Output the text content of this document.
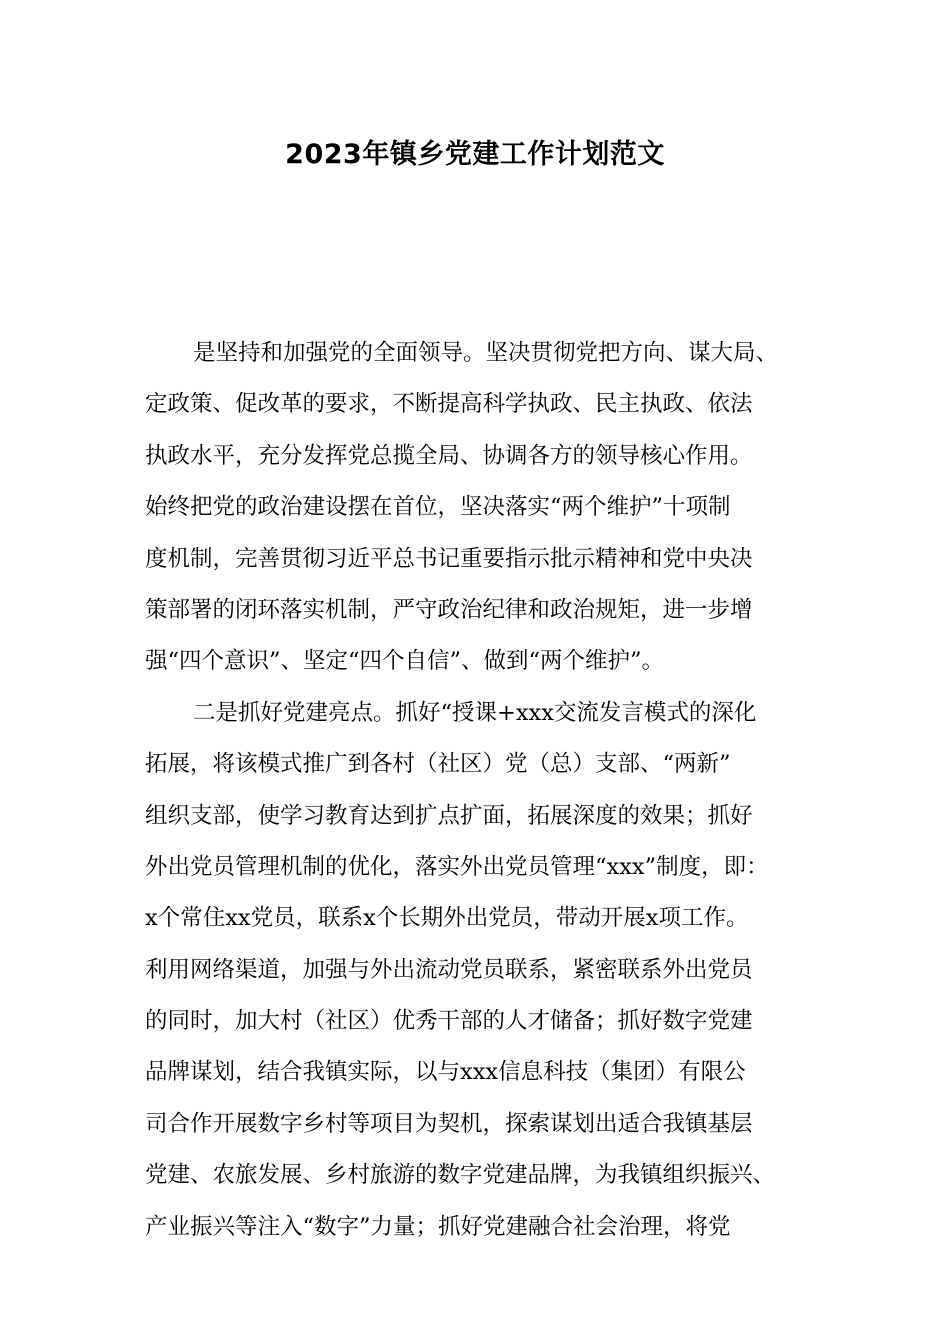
2023年镇乡党建工作计划范文
是坚持和加强党的全面领导。坚决贯彻党把方向、谋大局、
定政策、促改革的要求，不断提高科学执政、民主执政、依法
执政水平，充分发挥党总揽全局、协调各方的领导核心作用。
始终把党的政治建设摆在首位，坚决落实“两个维护”十项制
度机制，完善贯彻习近平总书记重要指示批示精神和党中央决
策部署的闭环落实机制，严守政治纪律和政治规矩，进一步增
强“四个意识”、坚定“四个自信”、做到“两个维护”。
二是抓好党建亮点。抓好“授课+xxx交流发言模式的深化
拓展，将该模式推广到各村（社区）党（总）支部、“两新”
组织支部，使学习教育达到扩点扩面，拓展深度的效果；抓好
外出党员管理机制的优化，落实外出党员管理“xxx”制度，即：
x个常住xx党员，联系x个长期外出党员，带动开展x项工作。
利用网络渠道，加强与外出流动党员联系，紧密联系外出党员
的同时，加大村（社区）优秀干部的人才储备；抓好数字党建
品牌谋划，结合我镇实际，以与xxx信息科技（集团）有限公
司合作开展数字乡村等项目为契机，探索谋划出适合我镇基层
党建、农旅发展、乡村旅游的数字党建品牌，为我镇组织振兴、
产业振兴等注入“数字”力量；抓好党建融合社会治理，将党
